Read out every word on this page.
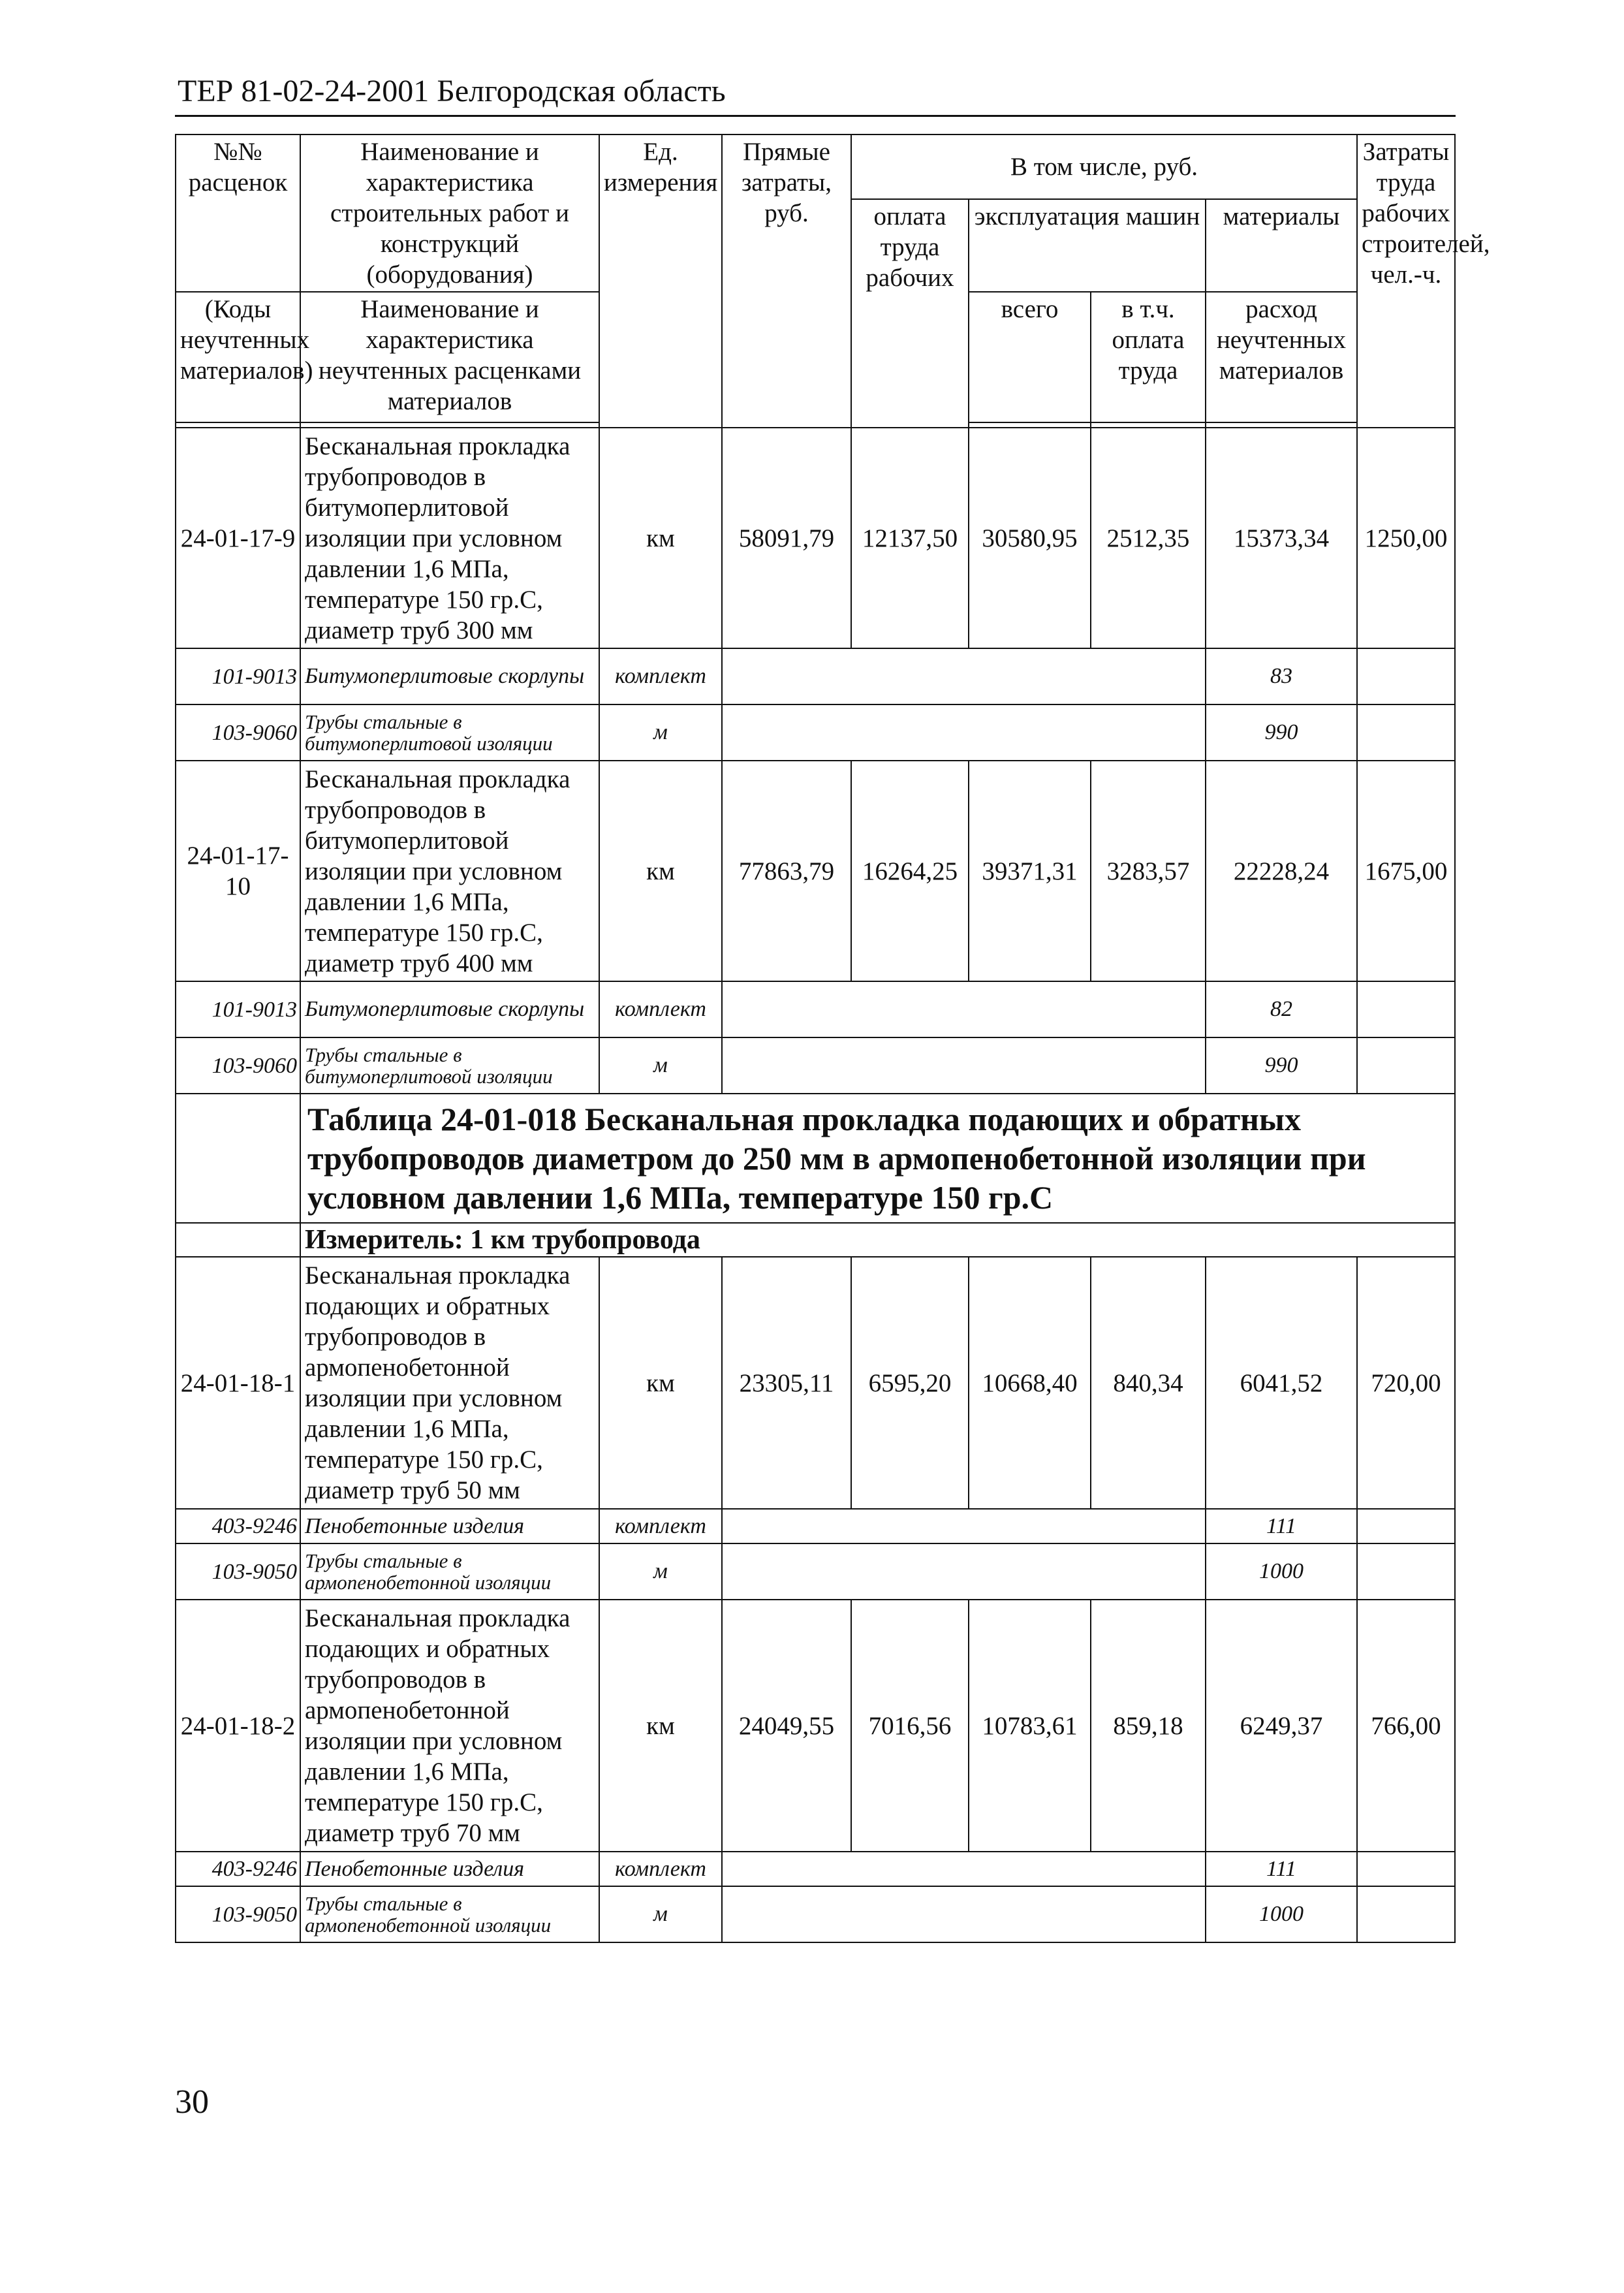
ТЕР 81-02-24-2001 Белгородская область
№№ расценок	Наименование и характеристика строительных работ и конструкций (оборудования)	Ед. измерения	Прямые затраты, руб.	В том числе, руб.				Затраты труда рабочих строителей, чел.-ч.
				оплата труда рабочих	эксплуатация машин		материалы	
(Коды неучтенных материалов)	Наименование и характеристика неучтенных расценками материалов				всего	в т.ч. оплата труда	расход неучтенных материалов	

24-01-17-9	Бесканальная прокладка трубопроводов в битумоперлитовой изоляции при условном давлении 1,6 МПа, температуре 150 гр.С, диаметр труб 300 мм	км	58091,79	12137,50	30580,95	2512,35	15373,34	1250,00
101-9013	Битумоперлитовые скорлупы	комплект					83	
103-9060	Трубы стальные в битумоперлитовой изоляции	м					990	
24-01-17-10	Бесканальная прокладка трубопроводов в битумоперлитовой изоляции при условном давлении 1,6 МПа, температуре 150 гр.С, диаметр труб 400 мм	км	77863,79	16264,25	39371,31	3283,57	22228,24	1675,00
101-9013	Битумоперлитовые скорлупы	комплект					82	
103-9060	Трубы стальные в битумоперлитовой изоляции	м					990	
	Таблица 24-01-018 Бесканальная прокладка подающих и обратных трубопроводов диаметром до 250 мм в армопенобетонной изоляции при условном давлении 1,6 МПа, температуре 150 гр.С							
	Измеритель: 1 км трубопровода							
24-01-18-1	Бесканальная прокладка подающих и обратных трубопроводов в армопенобетонной изоляции при условном давлении 1,6 МПа, температуре 150 гр.С, диаметр труб 50 мм	км	23305,11	6595,20	10668,40	840,34	6041,52	720,00
403-9246	Пенобетонные изделия	комплект					111	
103-9050	Трубы стальные в армопенобетонной изоляции	м					1000	
24-01-18-2	Бесканальная прокладка подающих и обратных трубопроводов в армопенобетонной изоляции при условном давлении 1,6 МПа, температуре 150 гр.С, диаметр труб 70 мм	км	24049,55	7016,56	10783,61	859,18	6249,37	766,00
403-9246	Пенобетонные изделия	комплект					111	
103-9050	Трубы стальные в армопенобетонной изоляции	м					1000	
30
